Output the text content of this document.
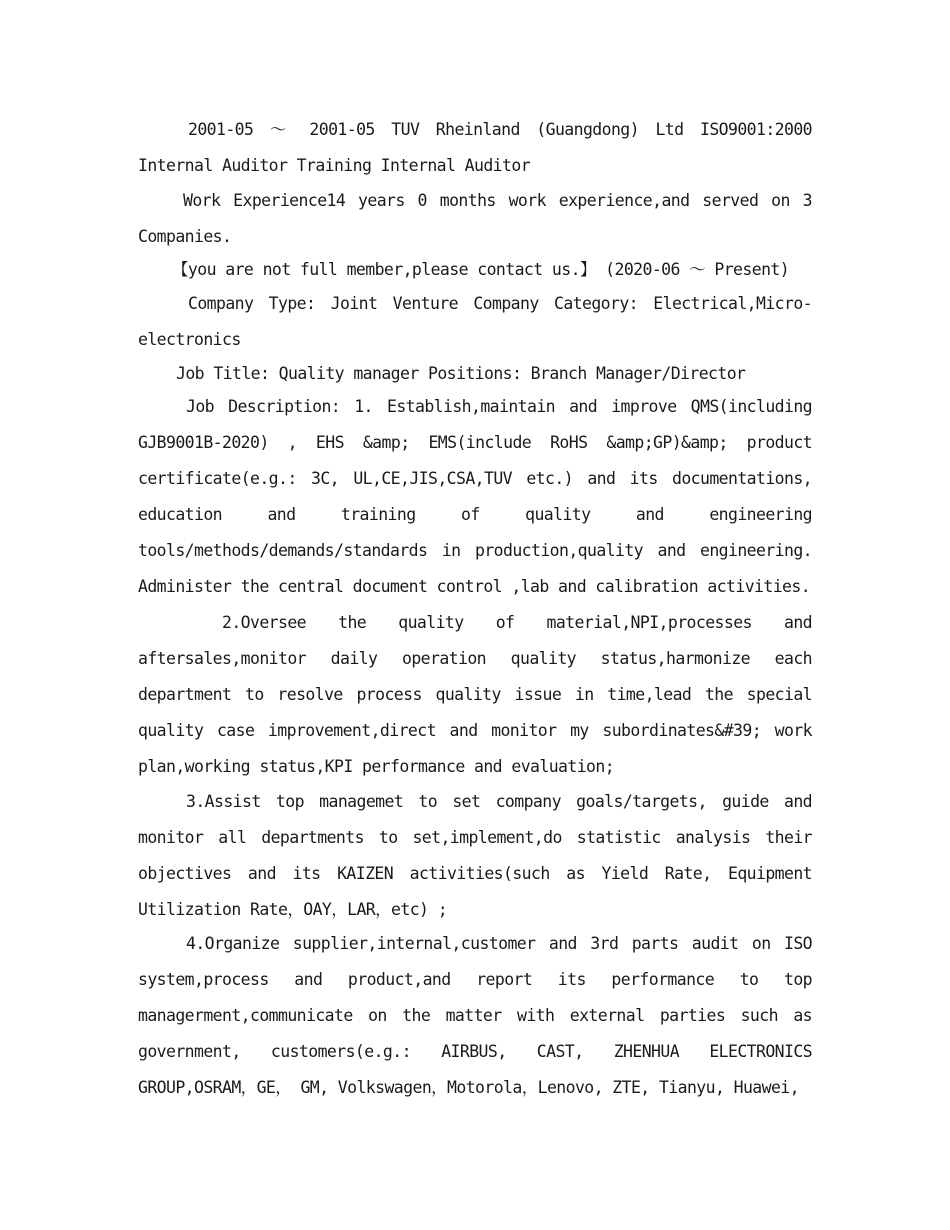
2001-05 ～ 2001-05 TUV Rheinland (Guangdong) Ltd ISO9001:2000 Internal Auditor Training Internal Auditor

Work Experience14 years 0 months work experience,and served on 3 Companies.

【you are not full member,please contact us.】 (2020-06 ～ Present)

Company Type: Joint Venture Company Category: Electrical,Micro-electronics

Job Title: Quality manager Positions: Branch Manager/Director

Job Description: 1. Establish,maintain and improve QMS(including GJB9001B-2020) , EHS &amp; EMS(include RoHS &amp;GP)&amp; product certificate(e.g.: 3C, UL,CE,JIS,CSA,TUV etc.) and its documentations, education and training of quality and engineering tools/methods/demands/standards in production,quality and engineering. Administer the central document control ,lab and calibration activities.

2.Oversee the quality of material,NPI,processes and aftersales,monitor daily operation quality status,harmonize each department to resolve process quality issue in time,lead the special quality case improvement,direct and monitor my subordinates&#39; work plan,working status,KPI performance and evaluation;

3.Assist top managemet to set company goals/targets, guide and monitor all departments to set,implement,do statistic analysis their objectives and its KAIZEN activities(such as Yield Rate, Equipment Utilization Rate，OAY，LAR，etc) ;

4.Organize supplier,internal,customer and 3rd parts audit on ISO system,process and product,and report its performance to top managerment,communicate on the matter with external parties such as government, customers(e.g.: AIRBUS, CAST, ZHENHUA ELECTRONICS GROUP,OSRAM，GE， GM, Volkswagen，Motorola，Lenovo, ZTE, Tianyu, Huawei,
